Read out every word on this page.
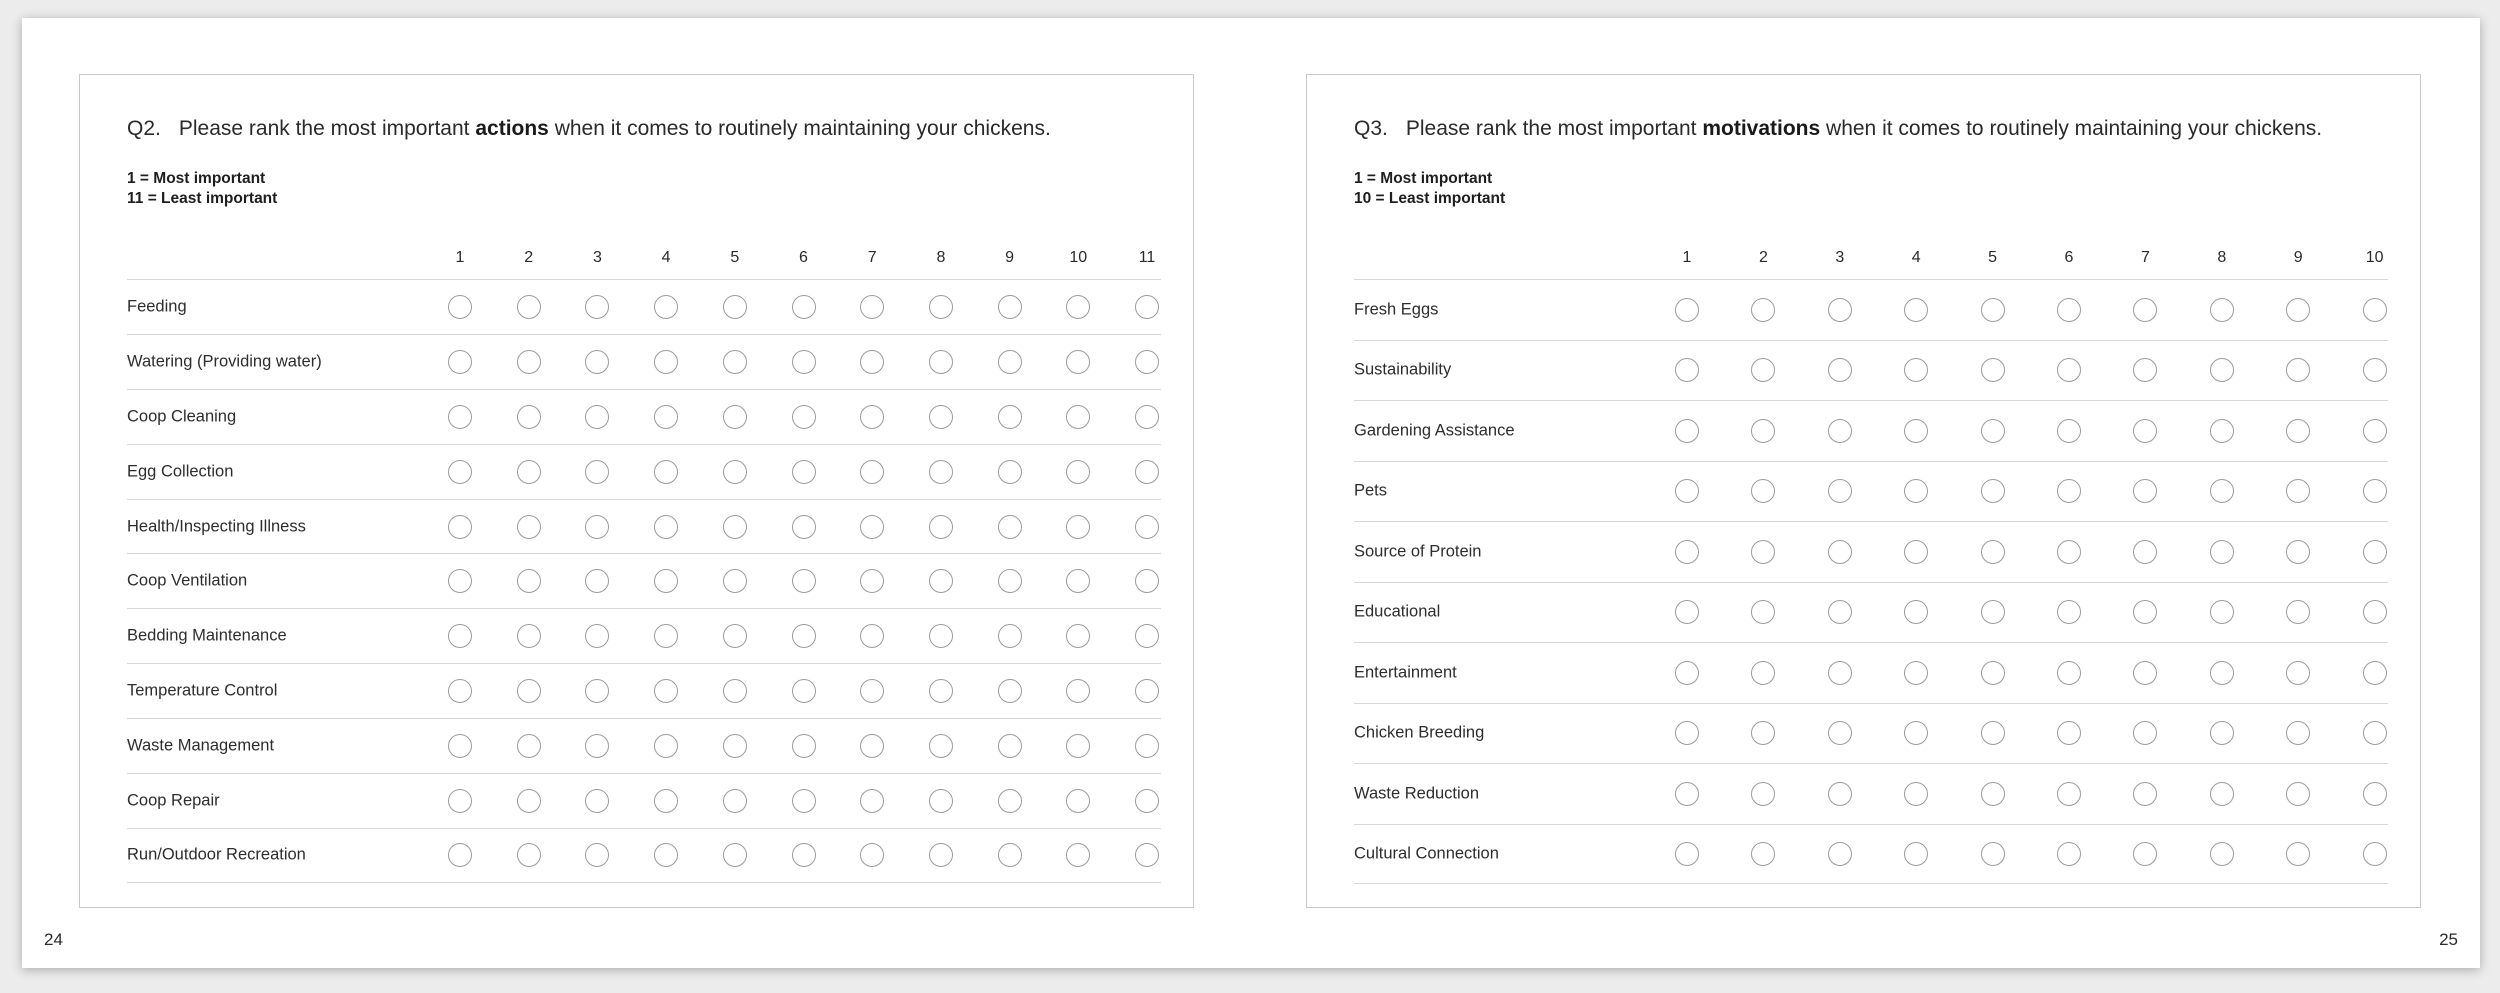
Q2. Please rank the most important actions when it comes to routinely maintaining your chickens.
1 = Most important
11 = Least important
1	2	3	4	5	6	7	8	9	10	11
Feeding
Watering (Providing water)
Coop Cleaning
Egg Collection
Health/Inspecting Illness
Coop Ventilation
Bedding Maintenance
Temperature Control
Waste Management
Coop Repair
Run/Outdoor Recreation
Q3. Please rank the most important motivations when it comes to routinely maintaining your chickens.
1 = Most important
10 = Least important
1	2	3	4	5	6	7	8	9	10
Fresh Eggs
Sustainability
Gardening Assistance
Pets
Source of Protein
Educational
Entertainment
Chicken Breeding
Waste Reduction
Cultural Connection
24	25
